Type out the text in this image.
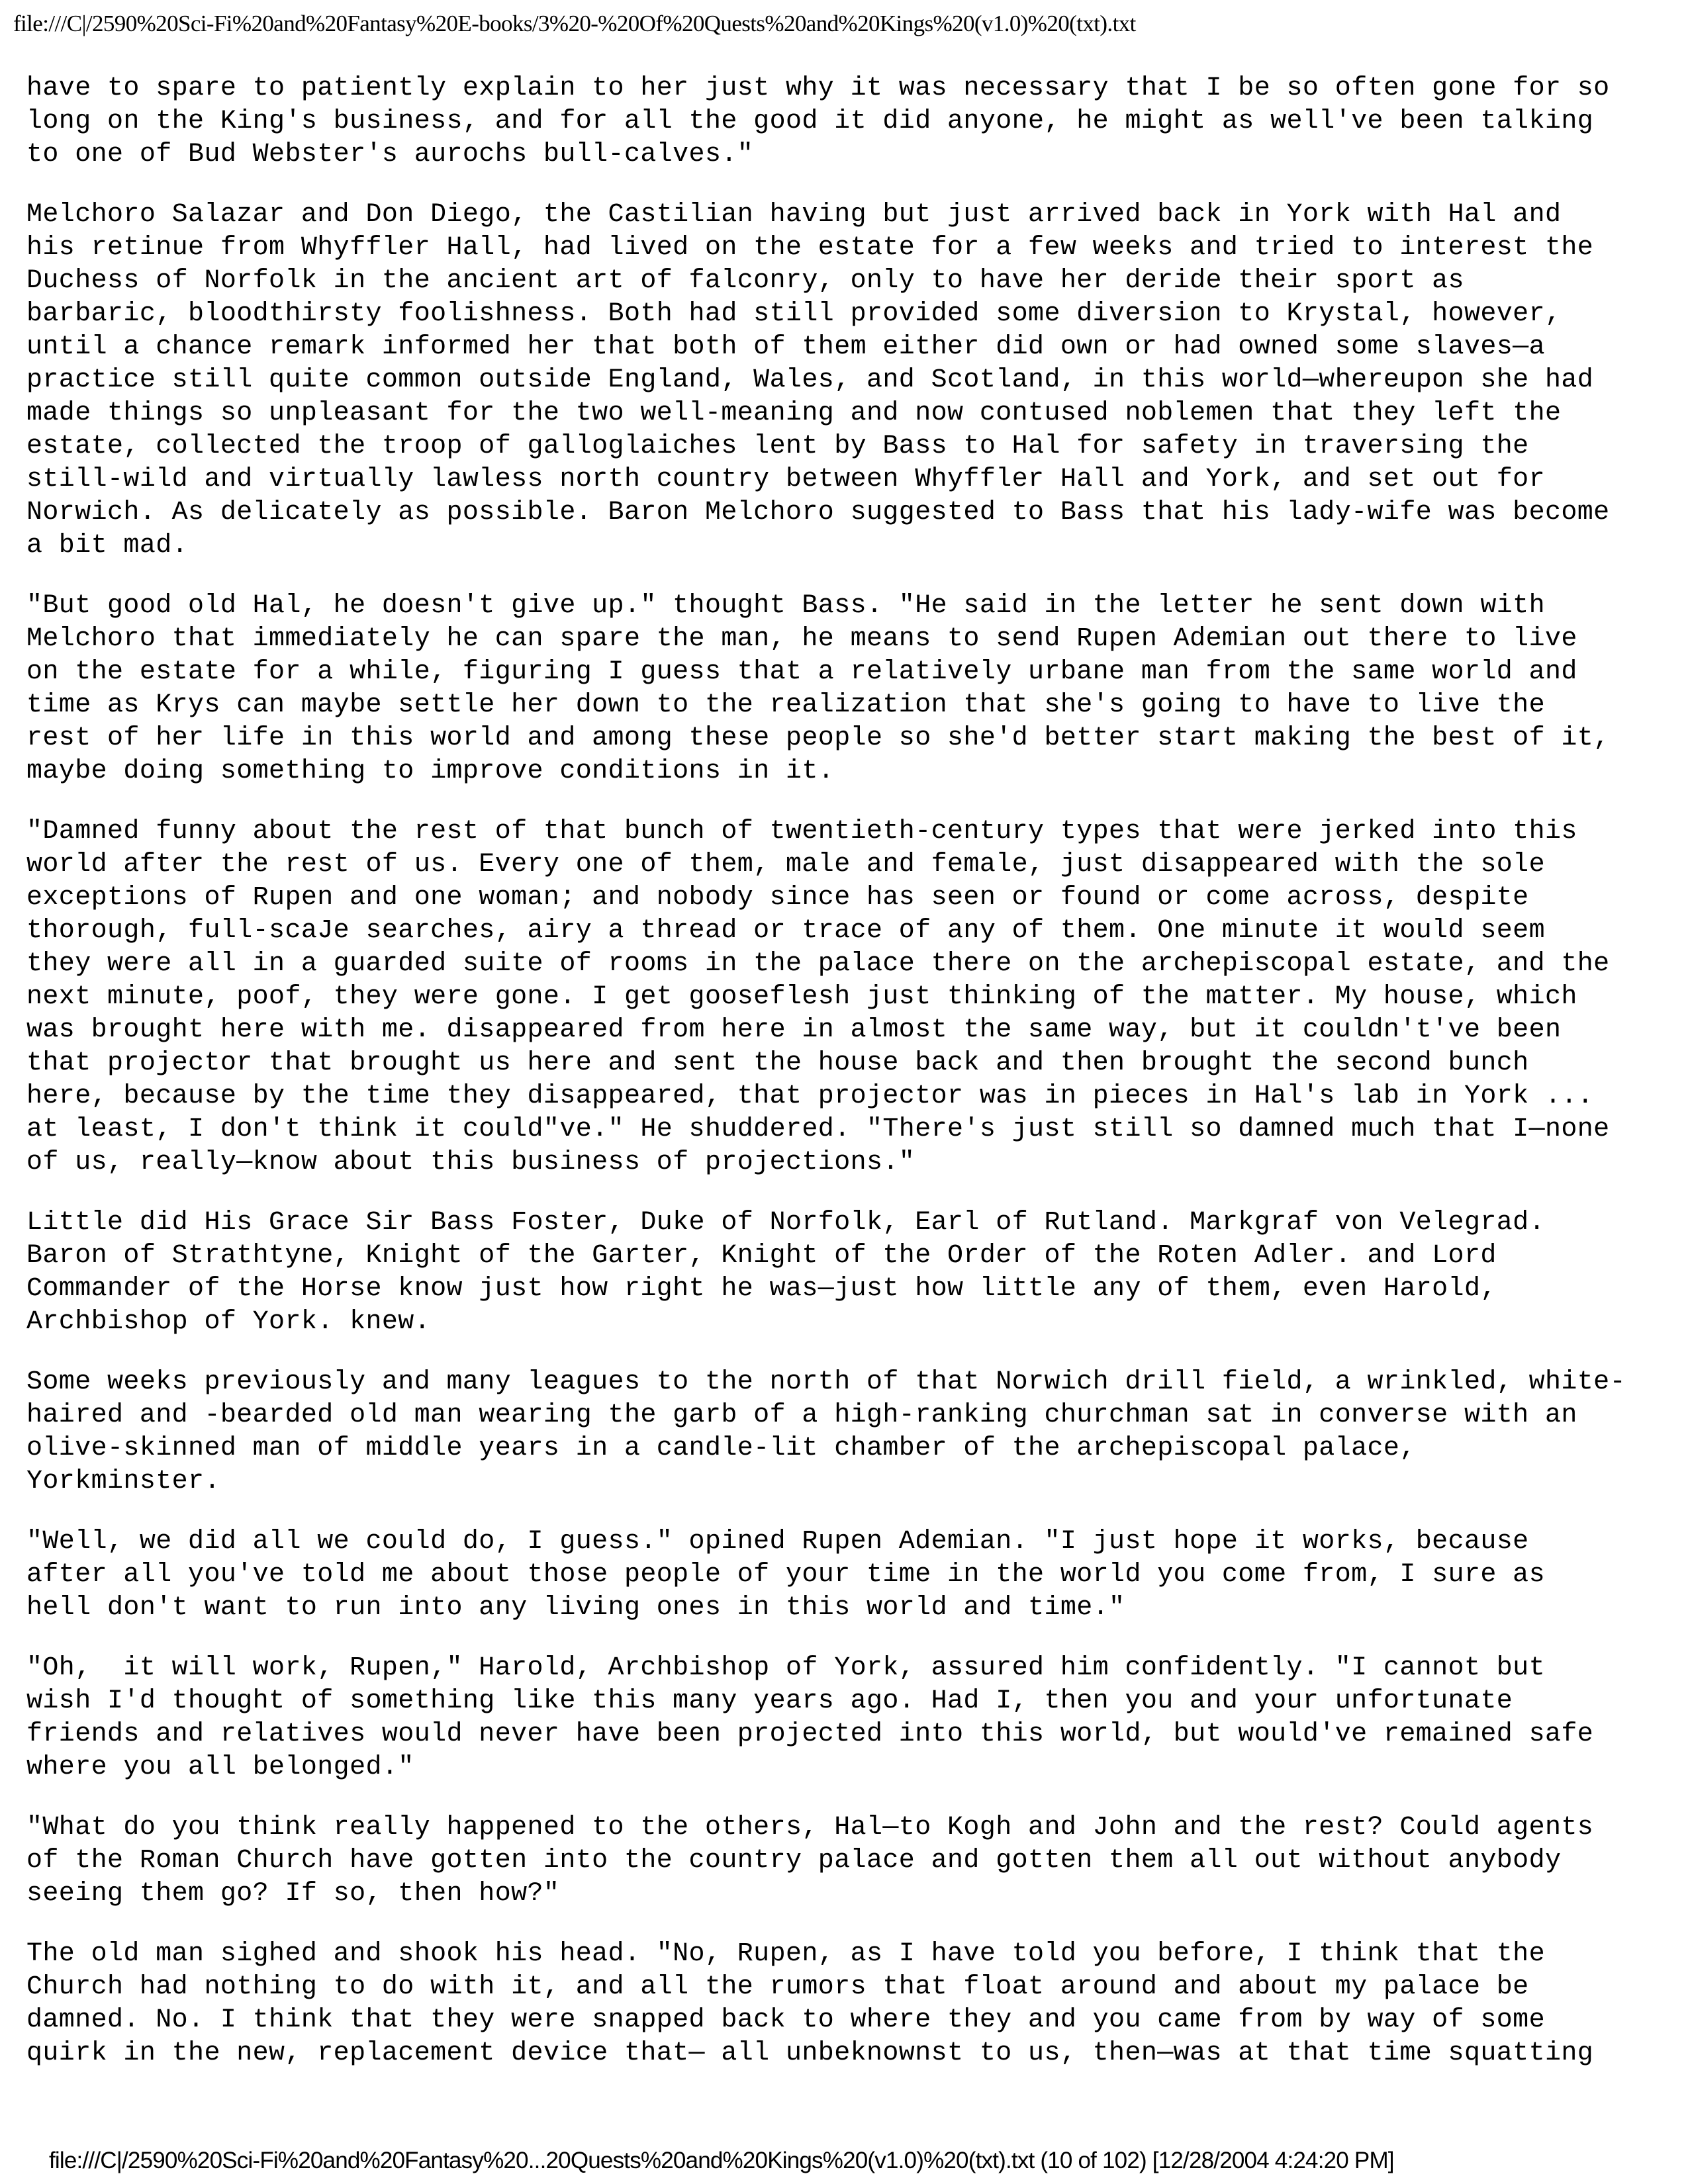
file:///C|/2590%20Sci-Fi%20and%20Fantasy%20E-books/3%20-%20Of%20Quests%20and%20Kings%20(v1.0)%20(txt).txt

have to spare to patiently explain to her just why it was necessary that I be so often gone for so
long on the King's business, and for all the good it did anyone, he might as well've been talking
to one of Bud Webster's aurochs bull-calves."

Melchoro Salazar and Don Diego, the Castilian having but just arrived back in York with Hal and
his retinue from Whyffler Hall, had lived on the estate for a few weeks and tried to interest the
Duchess of Norfolk in the ancient art of falconry, only to have her deride their sport as
barbaric, bloodthirsty foolishness. Both had still provided some diversion to Krystal, however,
until a chance remark informed her that both of them either did own or had owned some slaves—a
practice still quite common outside England, Wales, and Scotland, in this world—whereupon she had
made things so unpleasant for the two well-meaning and now contused noblemen that they left the
estate, collected the troop of galloglaiches lent by Bass to Hal for safety in traversing the
still-wild and virtually lawless north country between Whyffler Hall and York, and set out for
Norwich. As delicately as possible. Baron Melchoro suggested to Bass that his lady-wife was become
a bit mad.

"But good old Hal, he doesn't give up." thought Bass. "He said in the letter he sent down with
Melchoro that immediately he can spare the man, he means to send Rupen Ademian out there to live
on the estate for a while, figuring I guess that a relatively urbane man from the same world and
time as Krys can maybe settle her down to the realization that she's going to have to live the
rest of her life in this world and among these people so she'd better start making the best of it,
maybe doing something to improve conditions in it.

"Damned funny about the rest of that bunch of twentieth-century types that were jerked into this
world after the rest of us. Every one of them, male and female, just disappeared with the sole
exceptions of Rupen and one woman; and nobody since has seen or found or come across, despite
thorough, full-scaJe searches, airy a thread or trace of any of them. One minute it would seem
they were all in a guarded suite of rooms in the palace there on the archepiscopal estate, and the
next minute, poof, they were gone. I get gooseflesh just thinking of the matter. My house, which
was brought here with me. disappeared from here in almost the same way, but it couldn't've been
that projector that brought us here and sent the house back and then brought the second bunch
here, because by the time they disappeared, that projector was in pieces in Hal's lab in York ...
at least, I don't think it could"ve." He shuddered. "There's just still so damned much that I—none
of us, really—know about this business of projections."

Little did His Grace Sir Bass Foster, Duke of Norfolk, Earl of Rutland. Markgraf von Velegrad.
Baron of Strathtyne, Knight of the Garter, Knight of the Order of the Roten Adler. and Lord
Commander of the Horse know just how right he was—just how little any of them, even Harold,
Archbishop of York. knew.

Some weeks previously and many leagues to the north of that Norwich drill field, a wrinkled, white-
haired and -bearded old man wearing the garb of a high-ranking churchman sat in converse with an
olive-skinned man of middle years in a candle-lit chamber of the archepiscopal palace,
Yorkminster.

"Well, we did all we could do, I guess." opined Rupen Ademian. "I just hope it works, because
after all you've told me about those people of your time in the world you come from, I sure as
hell don't want to run into any living ones in this world and time."

"Oh,  it will work, Rupen," Harold, Archbishop of York, assured him confidently. "I cannot but
wish I'd thought of something like this many years ago. Had I, then you and your unfortunate
friends and relatives would never have been projected into this world, but would've remained safe
where you all belonged."

"What do you think really happened to the others, Hal—to Kogh and John and the rest? Could agents
of the Roman Church have gotten into the country palace and gotten them all out without anybody
seeing them go? If so, then how?"

The old man sighed and shook his head. "No, Rupen, as I have told you before, I think that the
Church had nothing to do with it, and all the rumors that float around and about my palace be
damned. No. I think that they were snapped back to where they and you came from by way of some
quirk in the new, replacement device that— all unbeknownst to us, then—was at that time squatting

file:///C|/2590%20Sci-Fi%20and%20Fantasy%20...20Quests%20and%20Kings%20(v1.0)%20(txt).txt (10 of 102) [12/28/2004 4:24:20 PM]
